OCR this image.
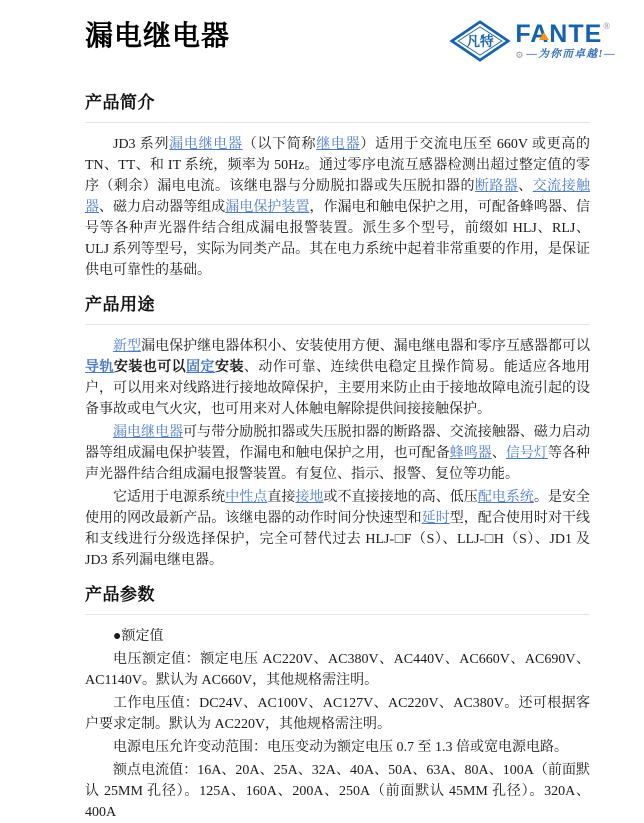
漏电继电器	凡特 FANTE ®
⚙ —为你而卓越!—
产品简介

JD3 系列漏电继电器（以下简称继电器）适用于交流电压至 660V 或更高的 TN、TT、和 IT 系统，频率为 50Hz。通过零序电流互感器检测出超过整定值的零序（剩余）漏电电流。该继电器与分励脱扣器或失压脱扣器的断路器、交流接触器、磁力启动器等组成漏电保护装置，作漏电和触电保护之用，可配备蜂鸣器、信号等各种声光器件结合组成漏电报警装置。派生多个型号，前缀如 HLJ、RLJ、ULJ 系列等型号，实际为同类产品。其在电力系统中起着非常重要的作用，是保证供电可靠性的基础。

产品用途

新型漏电保护继电器体积小、安装使用方便、漏电继电器和零序互感器都可以导轨安装也可以固定安装、动作可靠、连续供电稳定且操作简易。能适应各地用户，可以用来对线路进行接地故障保护，主要用来防止由于接地故障电流引起的设备事故或电气火灾，也可用来对人体触电解除提供间接接触保护。

漏电继电器可与带分励脱扣器或失压脱扣器的断路器、交流接触器、磁力启动器等组成漏电保护装置，作漏电和触电保护之用，也可配备蜂鸣器、信号灯等各种声光器件结合组成漏电报警装置。有复位、指示、报警、复位等功能。

它适用于电源系统中性点直接接地或不直接接地的高、低压配电系统。是安全使用的网改最新产品。该继电器的动作时间分快速型和延时型，配合使用时对干线和支线进行分级选择保护，完全可替代过去 HLJ-□F（S）、LLJ-□H（S）、JD1 及 JD3 系列漏电继电器。

产品参数

●额定值

电压额定值：额定电压 AC220V、AC380V、AC440V、AC660V、AC690V、AC1140V。默认为 AC660V，其他规格需注明。

工作电压值：DC24V、AC100V、AC127V、AC220V、AC380V。还可根据客户要求定制。默认为 AC220V，其他规格需注明。

电源电压允许变动范围：电压变动为额定电压 0.7 至 1.3 倍或宽电源电路。

额点电流值：16A、20A、25A、32A、40A、50A、63A、80A、100A（前面默认 25MM 孔径）。125A、160A、200A、250A（前面默认 45MM 孔径）。320A、400A
